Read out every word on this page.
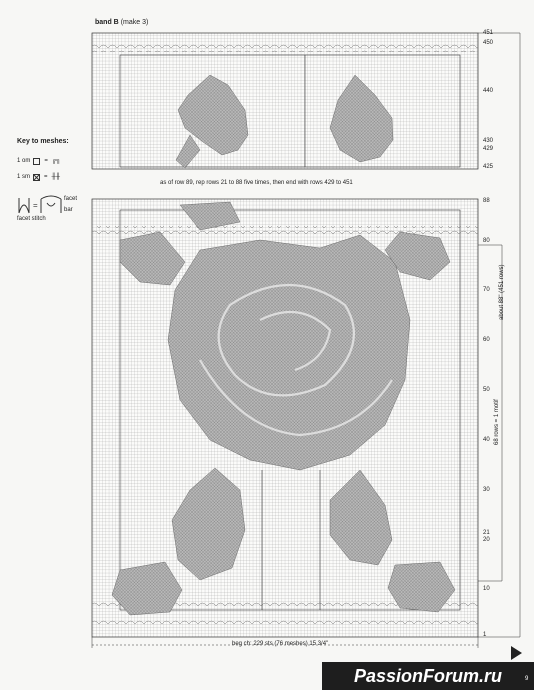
band B (make 3)
Key to meshes:
1 om = ╔╗
1 sm = ╫╫
=
facet
bar
facet stitch
as of row 89, rep rows 21 to 88 five times, then end with rows 429 to 451
beg ch: 229 sts (76 meshes) 15 3/4"
about 88" (451 rows)
68 rows = 1 motif
451
450
440
430
429
425
88
80
70
60
50
40
30
21
20
10
1
PassionForum.ru	9
